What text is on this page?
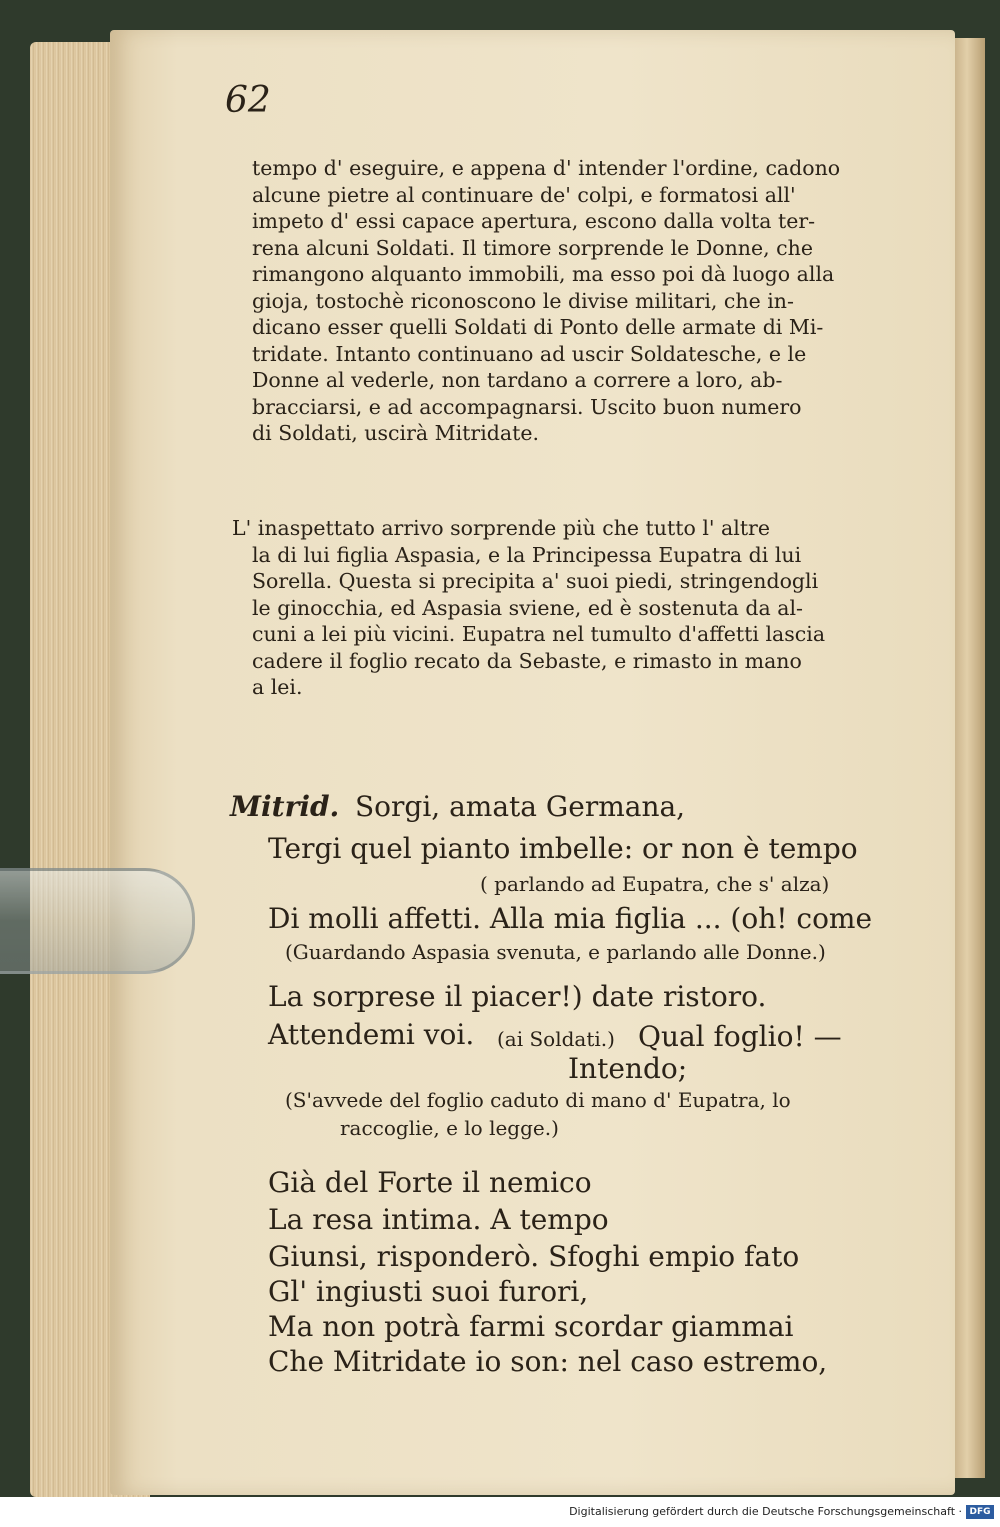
62
tempo d' eseguire, e appena d' intender l'ordine, cadono
alcune pietre al continuare de' colpi, e formatosi all'
impeto d' essi capace apertura, escono dalla volta ter-
rena alcuni Soldati. Il timore sorprende le Donne, che
rimangono alquanto immobili, ma esso poi dà luogo alla
gioja, tostochè riconoscono le divise militari, che in-
dicano esser quelli Soldati di Ponto delle armate di Mi-
tridate. Intanto continuano ad uscir Soldatesche, e le
Donne al vederle, non tardano a correre a loro, ab-
bracciarsi, e ad accompagnarsi. Uscito buon numero
di Soldati, uscirà Mitridate.
L' inaspettato arrivo sorprende più che tutto l' altre
la di lui figlia Aspasia, e la Principessa Eupatra di lui
Sorella. Questa si precipita a' suoi piedi, stringendogli
le ginocchia, ed Aspasia sviene, ed è sostenuta da al-
cuni a lei più vicini. Eupatra nel tumulto d'affetti lascia
cadere il foglio recato da Sebaste, e rimasto in mano
a lei.
Mitrid. Sorgi, amata Germana,
Tergi quel pianto imbelle: or non è tempo
( parlando ad Eupatra, che s' alza)
Di molli affetti. Alla mia figlia ... (oh! come
(Guardando Aspasia svenuta, e parlando alle Donne.)
La sorprese il piacer!) date ristoro.
Attendemi voi. (ai Soldati.) Qual foglio! —
Intendo;
(S'avvede del foglio caduto di mano d' Eupatra, lo
raccoglie, e lo legge.)
Già del Forte il nemico
La resa intima. A tempo
Giunsi, risponderò. Sfoghi empio fato
Gl' ingiusti suoi furori,
Ma non potrà farmi scordar giammai
Che Mitridate io son: nel caso estremo,
Digitalisierung gefördert durch die Deutsche Forschungsgemeinschaft · DFG
